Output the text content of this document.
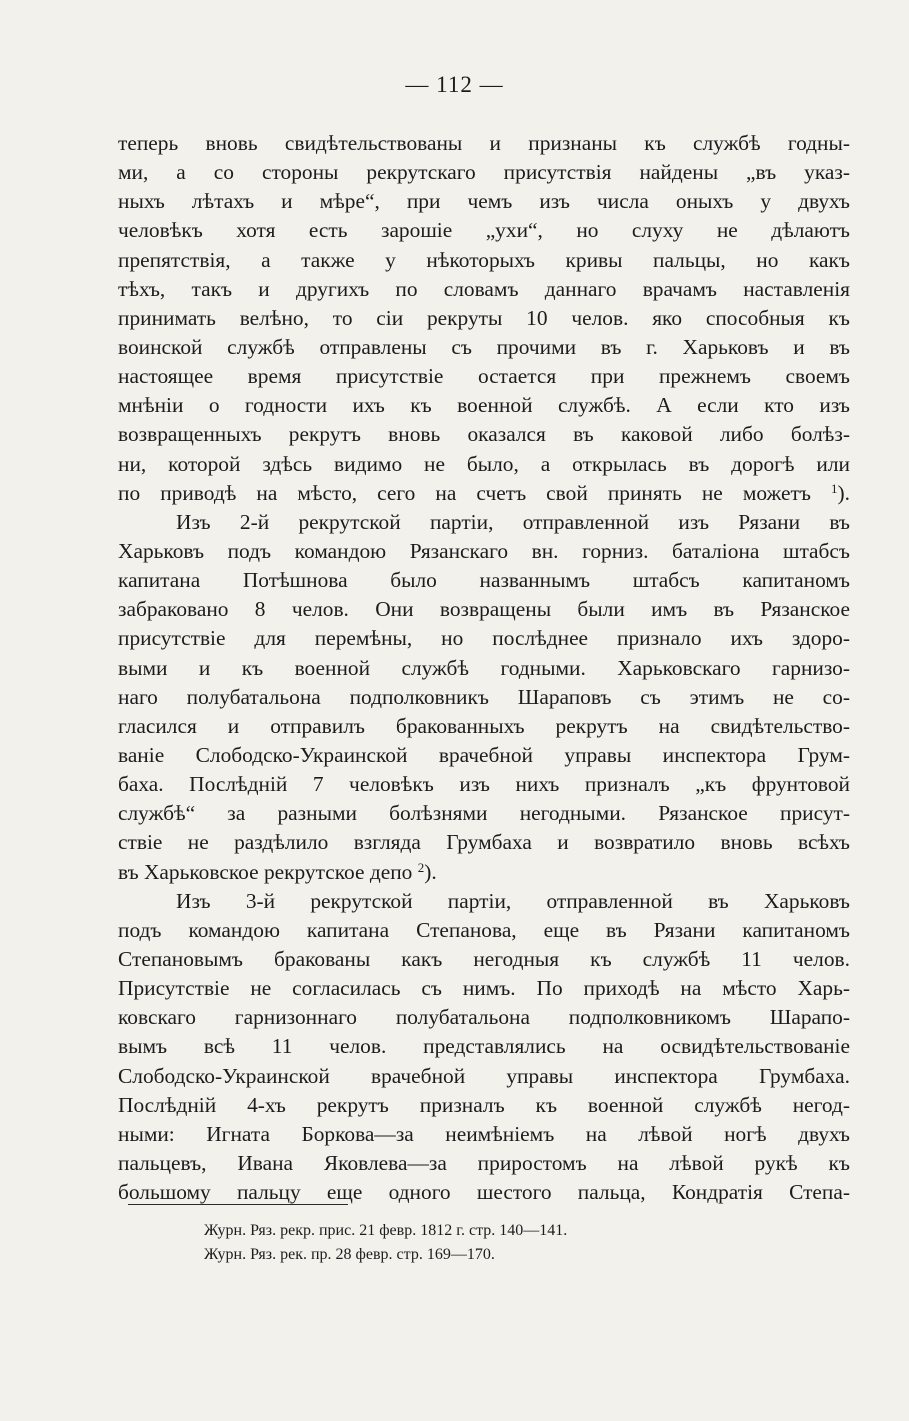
— 112 —
теперь вновь свидѣтельствованы и признаны къ службѣ годны-
ми, а со стороны рекрутскаго присутствія найдены „въ указ-
ныхъ лѣтахъ и мѣре“, при чемъ изъ числа оныхъ у двухъ
человѣкъ хотя есть зарошіе „ухи“, но слуху не дѣлаютъ
препятствія, а также у нѣкоторыхъ кривы пальцы, но какъ
тѣхъ, такъ и другихъ по словамъ даннаго врачамъ наставленія
принимать велѣно, то сіи рекруты 10 челов. яко способныя къ
воинской службѣ отправлены съ прочими въ г. Харьковъ и въ
настоящее время присутствіе остается при прежнемъ своемъ
мнѣніи о годности ихъ къ военной службѣ. А если кто изъ
возвращенныхъ рекрутъ вновь оказался въ каковой либо болѣз-
ни, которой здѣсь видимо не было, а открылась въ дорогѣ или
по приводѣ на мѣсто, сего на счетъ свой принять не можетъ $^1$).
Изъ 2-й рекрутской партіи, отправленной изъ Рязани въ
Харьковъ подъ командою Рязанскаго вн. горниз. баталіона штабсъ
капитана Потѣшнова было названнымъ штабсъ капитаномъ
забраковано 8 челов. Они возвращены были имъ въ Рязанское
присутствіе для перемѣны, но послѣднее признало ихъ здоро-
выми и къ военной службѣ годными. Харьковскаго гарнизо-
наго полубатальона подполковникъ Шараповъ съ этимъ не со-
гласился и отправилъ бракованныхъ рекрутъ на свидѣтельство-
ваніе Слободско-Украинской врачебной управы инспектора Грум-
баха. Послѣдній 7 человѣкъ изъ нихъ призналъ „къ фрунтовой
службѣ“ за разными болѣзнями негодными. Рязанское присут-
ствіе не раздѣлило взгляда Грумбаха и возвратило вновь всѣхъ
въ Харьковское рекрутское депо $^2$).
Изъ 3-й рекрутской партіи, отправленной въ Харьковъ
подъ командою капитана Степанова, еще въ Рязани капитаномъ
Степановымъ бракованы какъ негодныя къ службѣ 11 челов.
Присутствіе не согласилась съ нимъ. По приходѣ на мѣсто Харь-
ковскаго гарнизоннаго полубатальона подполковникомъ Шарапо-
вымъ всѣ 11 челов. представлялись на освидѣтельствованіе
Слободско-Украинской врачебной управы инспектора Грумбаха.
Послѣдній 4-хъ рекрутъ призналъ къ военной службѣ негод-
ными: Игната Боркова—за неимѣніемъ на лѣвой ногѣ двухъ
пальцевъ, Ивана Яковлева—за приростомъ на лѣвой рукѣ къ
большому пальцу еще одного шестого пальца, Кондратія Степа-
Журн. Ряз. рекр. прис. 21 февр. 1812 г. стр. 140—141.
Журн. Ряз. рек. пр. 28 февр. стр. 169—170.
